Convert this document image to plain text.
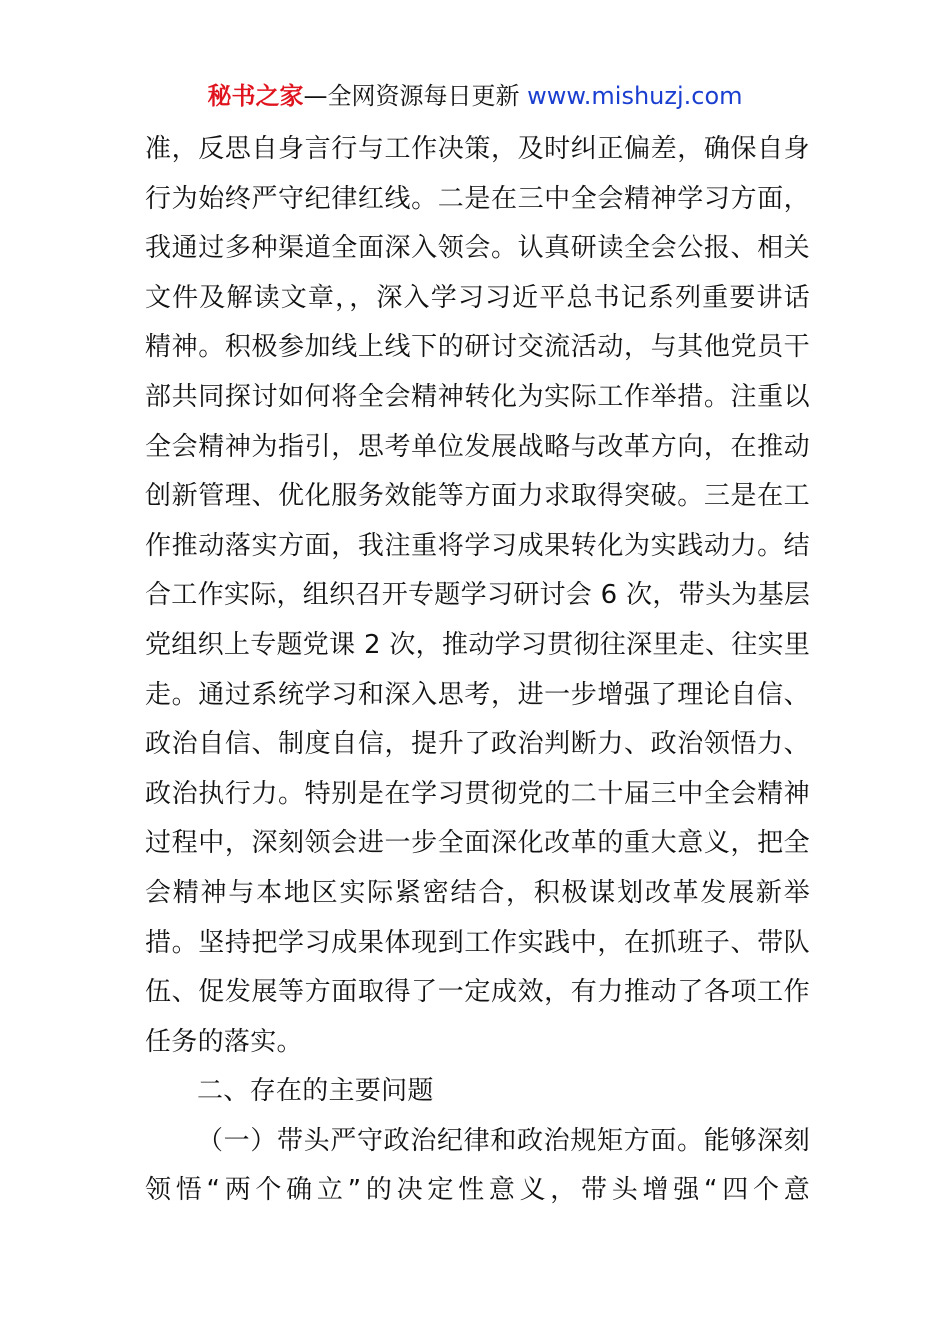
秘书之家—全网资源每日更新 www.mishuzj.com
准，反思自身言行与工作决策，及时纠正偏差，确保自身
行为始终严守纪律红线。二是在三中全会精神学习方面，
我通过多种渠道全面深入领会。认真研读全会公报、相关
文件及解读文章，，深入学习习近平总书记系列重要讲话
精神。积极参加线上线下的研讨交流活动，与其他党员干
部共同探讨如何将全会精神转化为实际工作举措。注重以
全会精神为指引，思考单位发展战略与改革方向，在推动
创新管理、优化服务效能等方面力求取得突破。三是在工
作推动落实方面，我注重将学习成果转化为实践动力。结
合工作实际，组织召开专题学习研讨会 6 次，带头为基层
党组织上专题党课 2 次，推动学习贯彻往深里走、往实里
走。通过系统学习和深入思考，进一步增强了理论自信、
政治自信、制度自信，提升了政治判断力、政治领悟力、
政治执行力。特别是在学习贯彻党的二十届三中全会精神
过程中，深刻领会进一步全面深化改革的重大意义，把全
会精神与本地区实际紧密结合，积极谋划改革发展新举
措。坚持把学习成果体现到工作实践中，在抓班子、带队
伍、促发展等方面取得了一定成效，有力推动了各项工作
任务的落实。
二、存在的主要问题
（一）带头严守政治纪律和政治规矩方面。能够深刻
领悟“两个确立”的决定性意义，带头增强“四个意
